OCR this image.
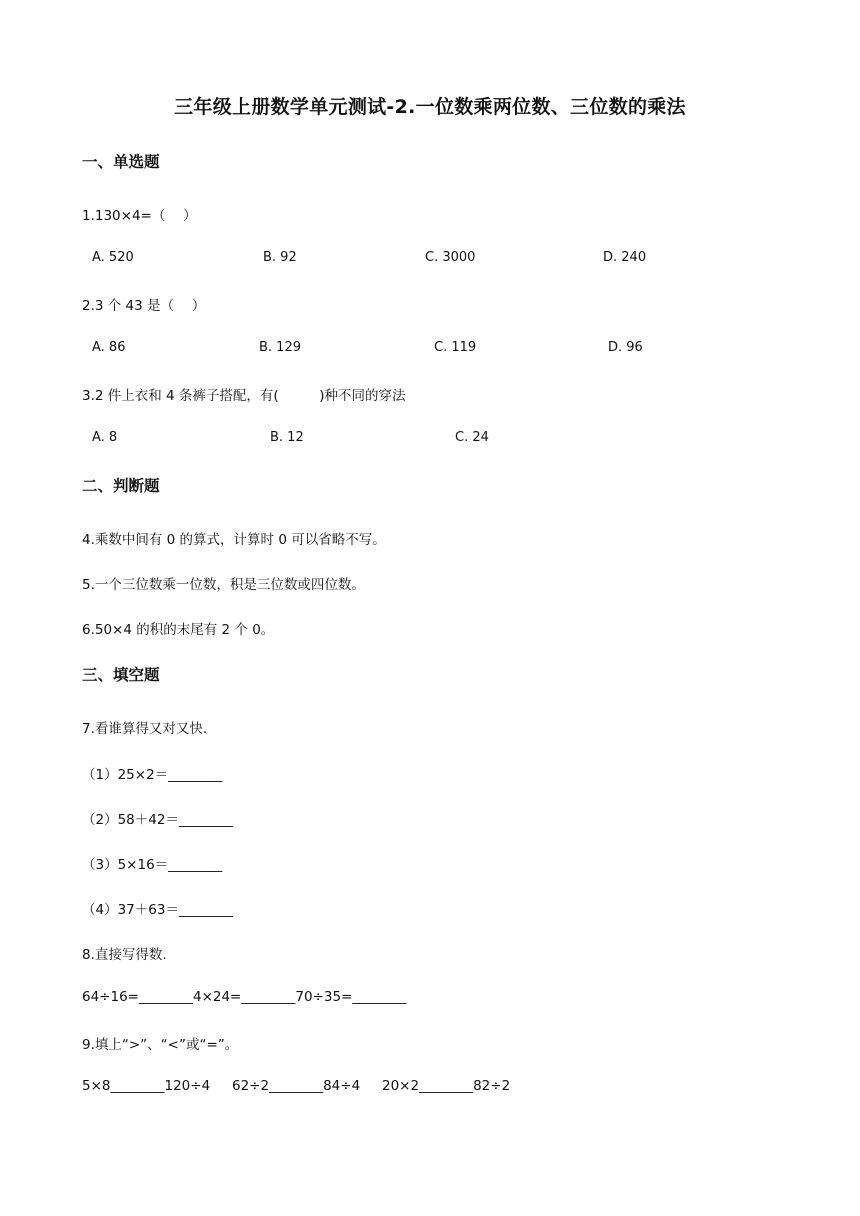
三年级上册数学单元测试-2.一位数乘两位数、三位数的乘法
一、单选题
1.130×4=（　 ）
A. 520	B. 92	C. 3000	D. 240
2.3 个 43 是（　 ）
A. 86	B. 129	C. 119	D. 96
3.2 件上衣和 4 条裤子搭配，有(　　　)种不同的穿法
A. 8	B. 12	C. 24
二、判断题
4.乘数中间有 0 的算式，计算时 0 可以省略不写。
5.一个三位数乘一位数，积是三位数或四位数。
6.50×4 的积的末尾有 2 个 0。
三、填空题
7.看谁算得又对又快.
（1）25×2＝________
（2）58＋42＝________
（3）5×16＝________
（4）37＋63＝________
8.直接写得数.
64÷16=________4×24=________70÷35=________
9.填上“>”、“<”或“=”。
5×8________120÷4 62÷2________84÷4 20×2________82÷2
